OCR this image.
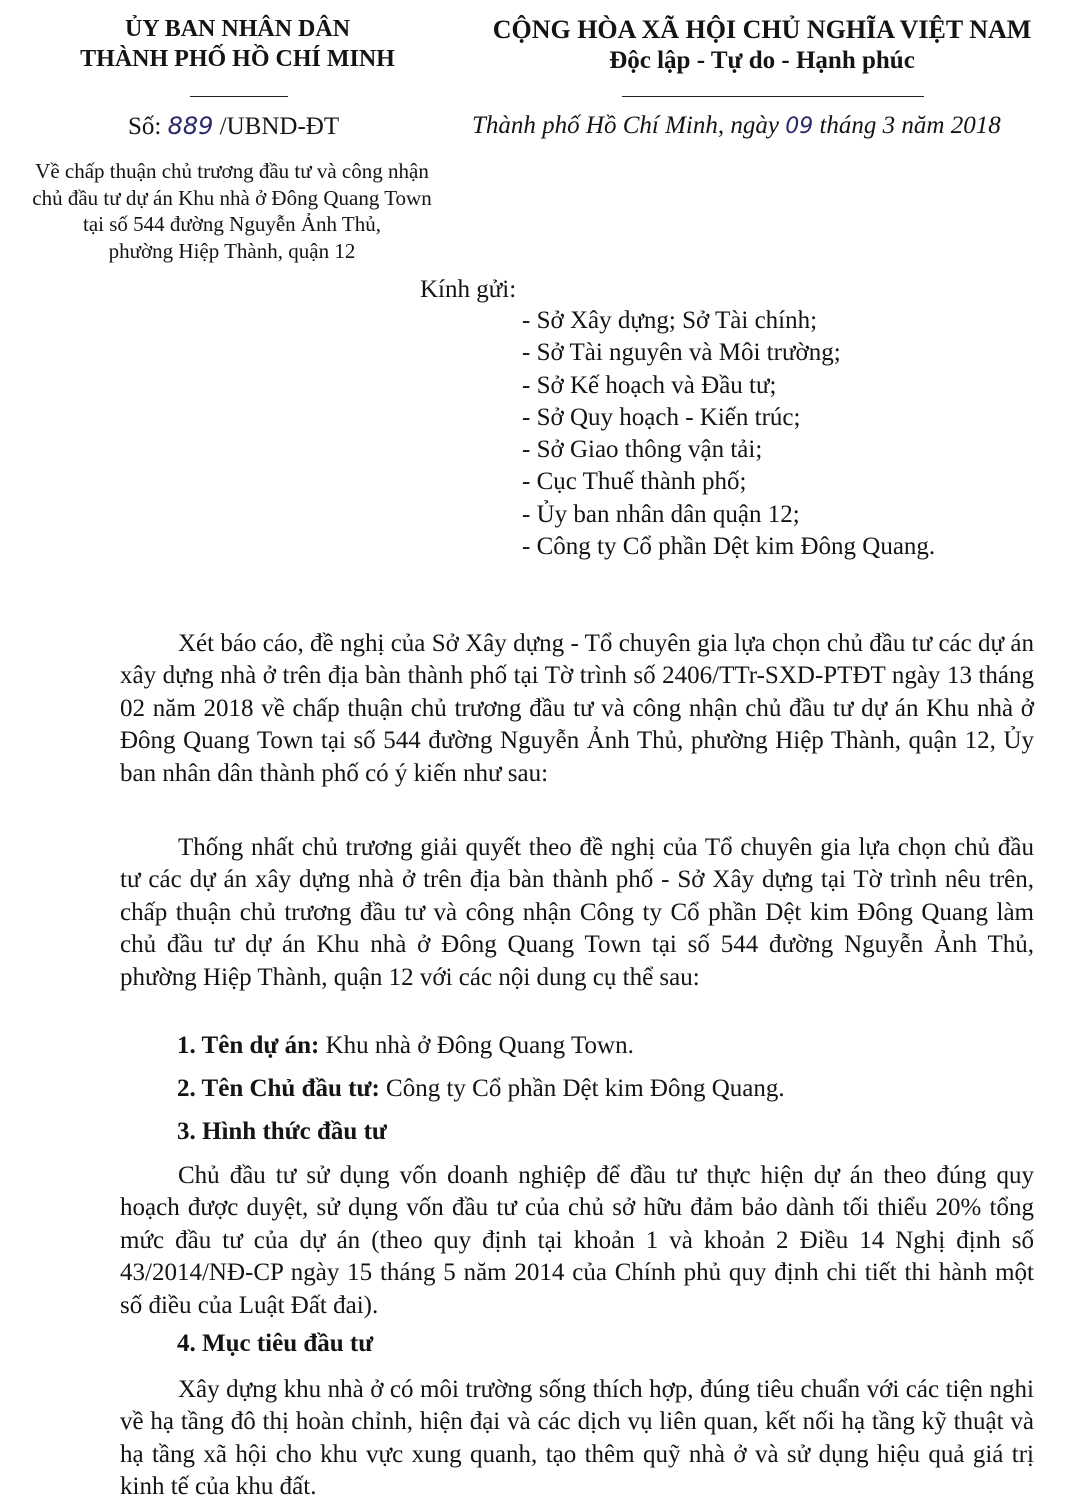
ỦY BAN NHÂN DÂN
THÀNH PHỐ HỒ CHÍ MINH
CỘNG HÒA XÃ HỘI CHỦ NGHĨA VIỆT NAM
Độc lập - Tự do - Hạnh phúc
Số: 889 /UBND-ĐT	Thành phố Hồ Chí Minh, ngày 09 tháng 3 năm 2018
Về chấp thuận chủ trương đầu tư và công nhận
chủ đầu tư dự án Khu nhà ở Đông Quang Town
tại số 544 đường Nguyễn Ảnh Thủ,
phường Hiệp Thành, quận 12
Kính gửi:
- Sở Xây dựng; Sở Tài chính;
- Sở Tài nguyên và Môi trường;
- Sở Kế hoạch và Đầu tư;
- Sở Quy hoạch - Kiến trúc;
- Sở Giao thông vận tải;
- Cục Thuế thành phố;
- Ủy ban nhân dân quận 12;
- Công ty Cổ phần Dệt kim Đông Quang.

Xét báo cáo, đề nghị của Sở Xây dựng - Tổ chuyên gia lựa chọn chủ đầu tư các dự án xây dựng nhà ở trên địa bàn thành phố tại Tờ trình số 2406/TTr-SXD-PTĐT ngày 13 tháng 02 năm 2018 về chấp thuận chủ trương đầu tư và công nhận chủ đầu tư dự án Khu nhà ở Đông Quang Town tại số 544 đường Nguyễn Ảnh Thủ, phường Hiệp Thành, quận 12, Ủy ban nhân dân thành phố có ý kiến như sau:

Thống nhất chủ trương giải quyết theo đề nghị của Tổ chuyên gia lựa chọn chủ đầu tư các dự án xây dựng nhà ở trên địa bàn thành phố - Sở Xây dựng tại Tờ trình nêu trên, chấp thuận chủ trương đầu tư và công nhận Công ty Cổ phần Dệt kim Đông Quang làm chủ đầu tư dự án Khu nhà ở Đông Quang Town tại số 544 đường Nguyễn Ảnh Thủ, phường Hiệp Thành, quận 12 với các nội dung cụ thể sau:

1. Tên dự án: Khu nhà ở Đông Quang Town.
2. Tên Chủ đầu tư: Công ty Cổ phần Dệt kim Đông Quang.
3. Hình thức đầu tư

Chủ đầu tư sử dụng vốn doanh nghiệp để đầu tư thực hiện dự án theo đúng quy hoạch được duyệt, sử dụng vốn đầu tư của chủ sở hữu đảm bảo dành tối thiểu 20% tổng mức đầu tư của dự án (theo quy định tại khoản 1 và khoản 2 Điều 14 Nghị định số 43/2014/NĐ-CP ngày 15 tháng 5 năm 2014 của Chính phủ quy định chi tiết thi hành một số điều của Luật Đất đai).

4. Mục tiêu đầu tư

Xây dựng khu nhà ở có môi trường sống thích hợp, đúng tiêu chuẩn với các tiện nghi về hạ tầng đô thị hoàn chỉnh, hiện đại và các dịch vụ liên quan, kết nối hạ tầng kỹ thuật và hạ tầng xã hội cho khu vực xung quanh, tạo thêm quỹ nhà ở và sử dụng hiệu quả giá trị kinh tế của khu đất.
